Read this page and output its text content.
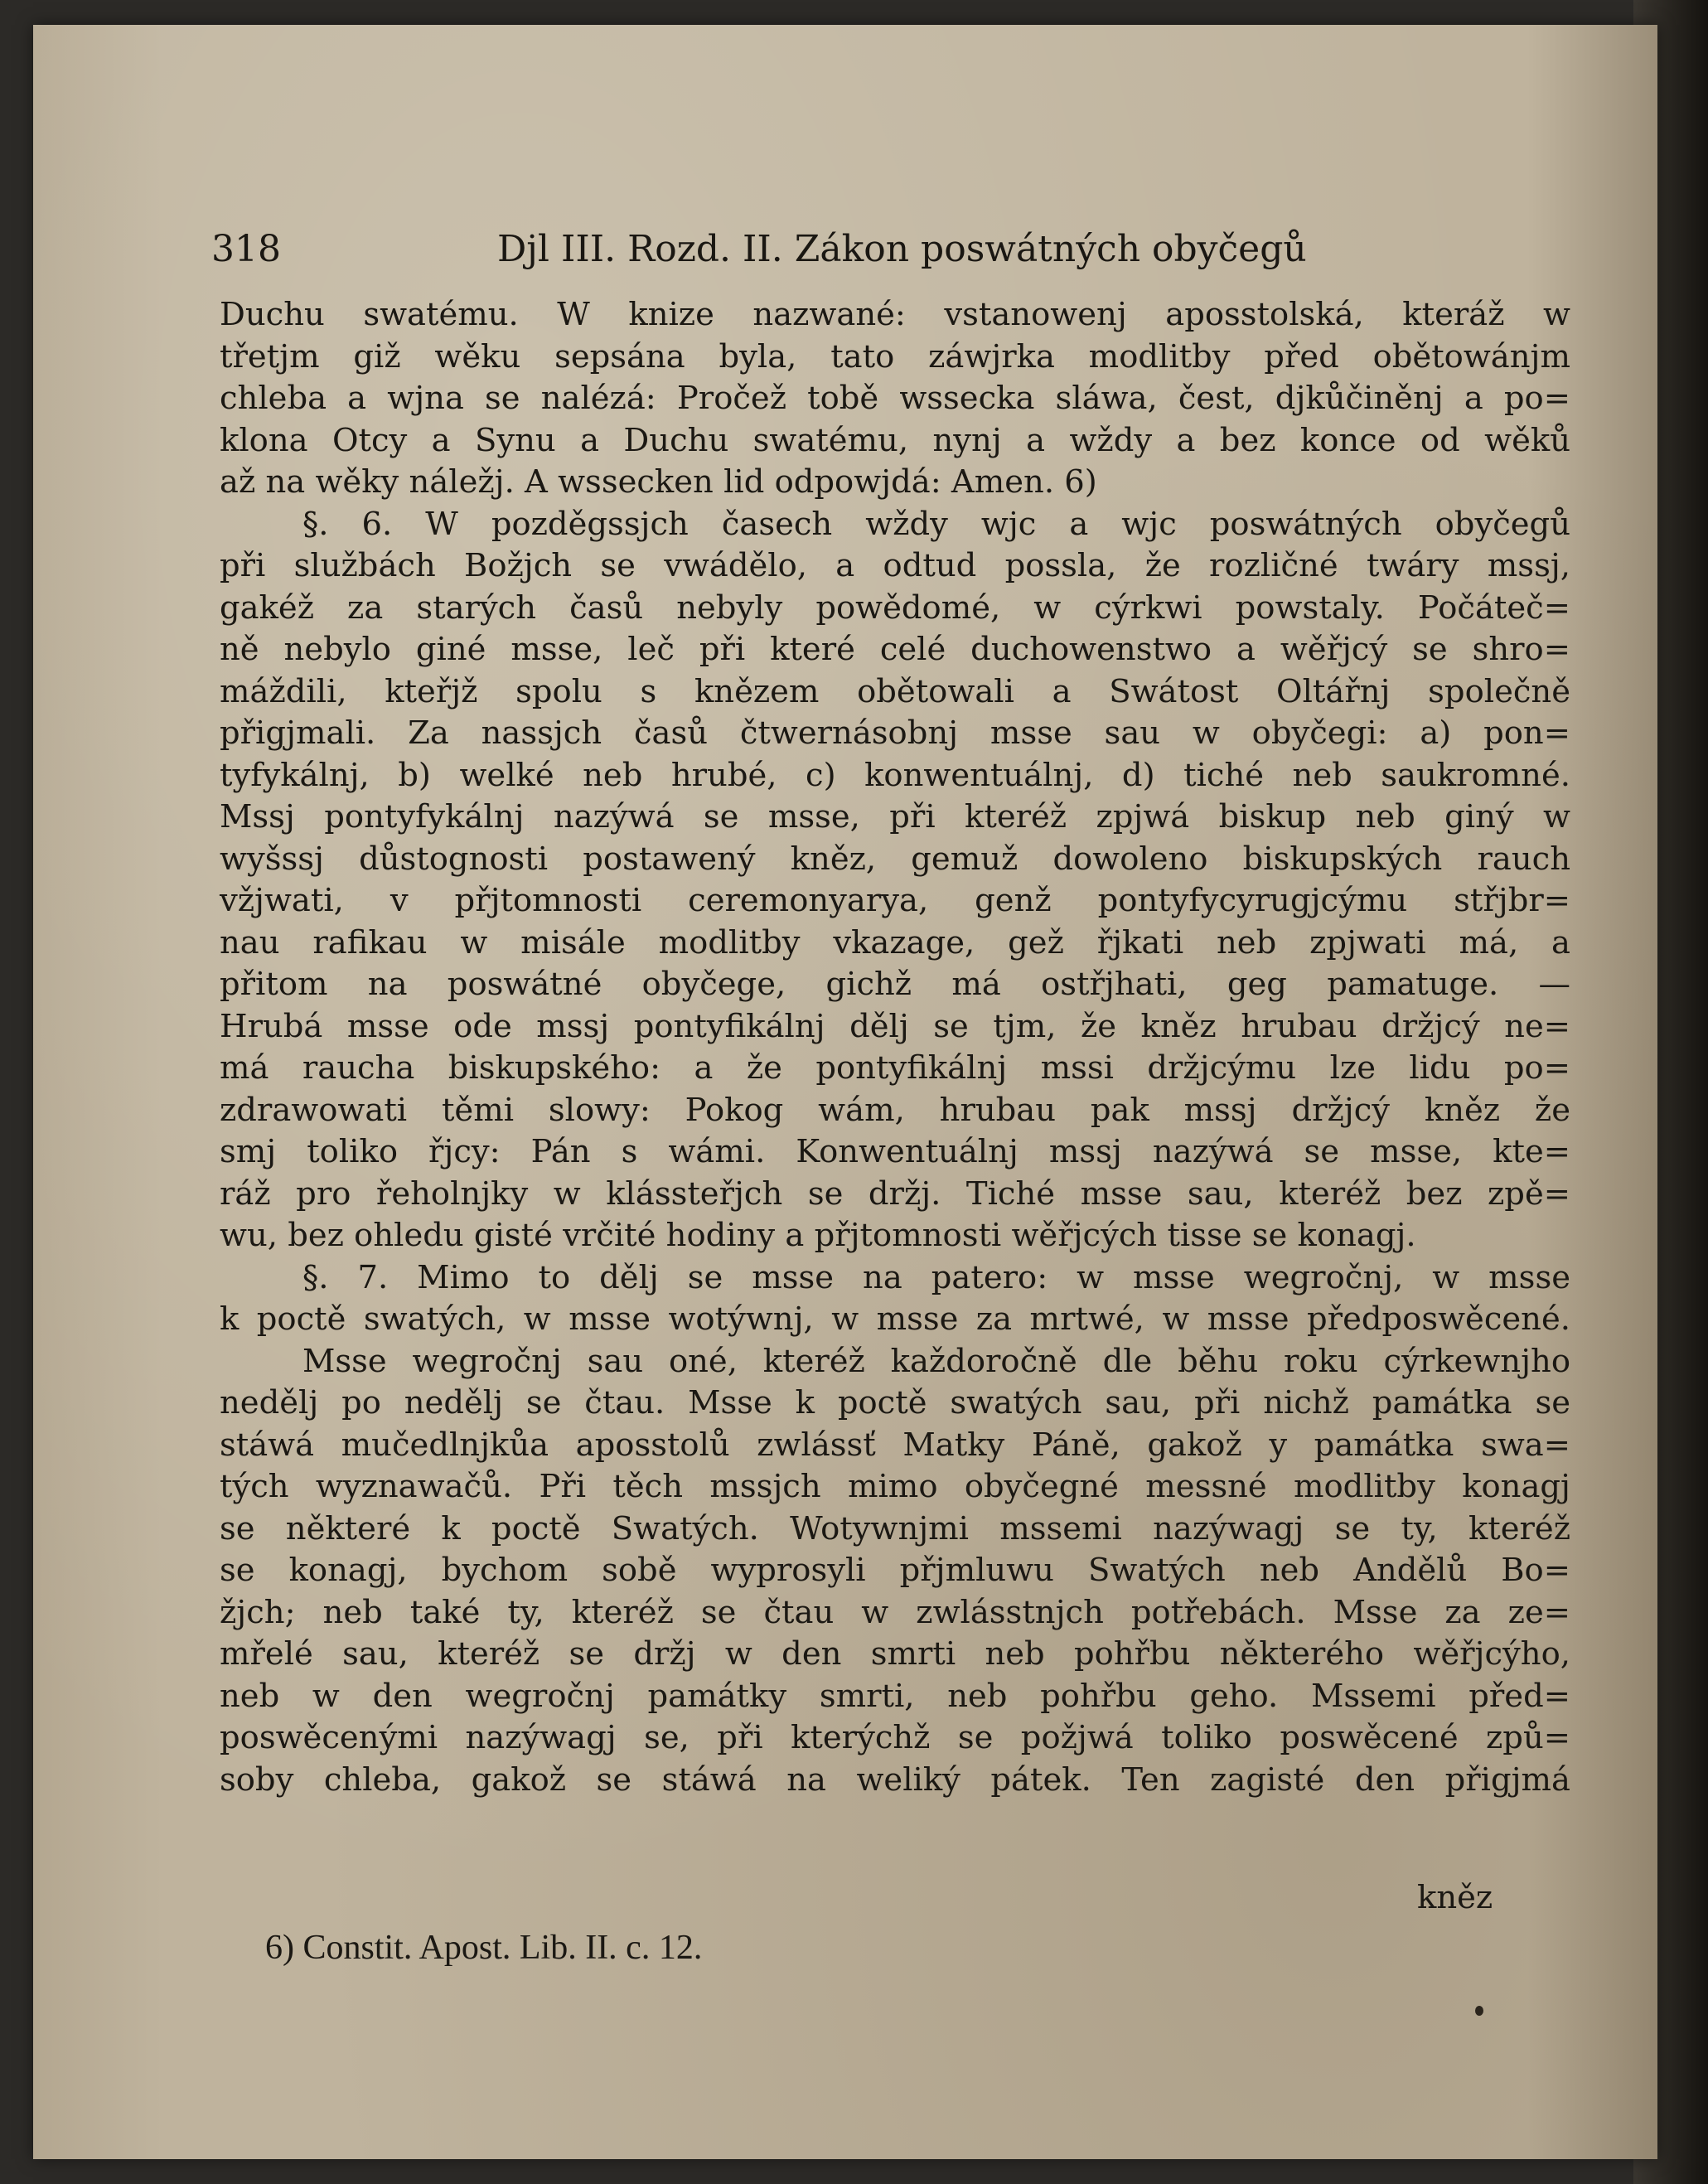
318	Djl III. Rozd. II. Zákon poswátných obyčegů
Duchu swatému. W knize nazwané: vstanowenj aposstolská, kteráž w
třetjm giž wěku sepsána byla, tato záwjrka modlitby před obětowánjm
chleba a wjna se nalézá: Pročež tobě wssecka sláwa, čest, djkůčiněnj a po=
klona Otcy a Synu a Duchu swatému, nynj a wždy a bez konce od wěků
až na wěky náležj. A wssecken lid odpowjdá: Amen. 6)
§. 6. W pozděgssjch časech wždy wjc a wjc poswátných obyčegů
při službách Božjch se vwádělo, a odtud possla, že rozličné twáry mssj,
gakéž za starých časů nebyly powědomé, w cýrkwi powstaly. Počáteč=
ně nebylo giné msse, leč při které celé duchowenstwo a wěřjcý se shro=
máždili, kteřjž spolu s knězem obětowali a Swátost Oltářnj společně
přigjmali. Za nassjch časů čtwernásobnj msse sau w obyčegi: a) pon=
tyfykálnj, b) welké neb hrubé, c) konwentuálnj, d) tiché neb saukromné.
Mssj pontyfykálnj nazýwá se msse, při kteréž zpjwá biskup neb giný w
wyšssj důstognosti postawený kněz, gemuž dowoleno biskupských rauch
vžjwati, v přjtomnosti ceremonyarya, genž pontyfycyrugjcýmu střjbr=
nau rafikau w misále modlitby vkazage, gež řjkati neb zpjwati má, a
přitom na poswátné obyčege, gichž má ostřjhati, geg pamatuge. —
Hrubá msse ode mssj pontyfikálnj dělj se tjm, že kněz hrubau držjcý ne=
má raucha biskupského: a že pontyfikálnj mssi držjcýmu lze lidu po=
zdrawowati těmi slowy: Pokog wám, hrubau pak mssj držjcý kněz že
smj toliko řjcy: Pán s wámi. Konwentuálnj mssj nazýwá se msse, kte=
ráž pro řeholnjky w klássteřjch se držj. Tiché msse sau, kteréž bez zpě=
wu, bez ohledu gisté vrčité hodiny a přjtomnosti wěřjcých tisse se konagj.
§. 7. Mimo to dělj se msse na patero: w msse wegročnj, w msse
k poctě swatých, w msse wotýwnj, w msse za mrtwé, w msse předposwěcené.
Msse wegročnj sau oné, kteréž každoročně dle běhu roku cýrkewnjho
nedělj po nedělj se čtau. Msse k poctě swatých sau, při nichž památka se
stáwá mučedlnjkůa aposstolů zwlássť Matky Páně, gakož y památka swa=
tých wyznawačů. Při těch mssjch mimo obyčegné messné modlitby konagj
se některé k poctě Swatých. Wotywnjmi mssemi nazýwagj se ty, kteréž
se konagj, bychom sobě wyprosyli přjmluwu Swatých neb Andělů Bo=
žjch; neb také ty, kteréž se čtau w zwlásstnjch potřebách. Msse za ze=
mřelé sau, kteréž se držj w den smrti neb pohřbu některého wěřjcýho,
neb w den wegročnj památky smrti, neb pohřbu geho. Mssemi před=
poswěcenými nazýwagj se, při kterýchž se požjwá toliko poswěcené způ=
soby chleba, gakož se stáwá na weliký pátek. Ten zagisté den přigjmá
kněz
6) Constit. Apost. Lib. II. c. 12.
